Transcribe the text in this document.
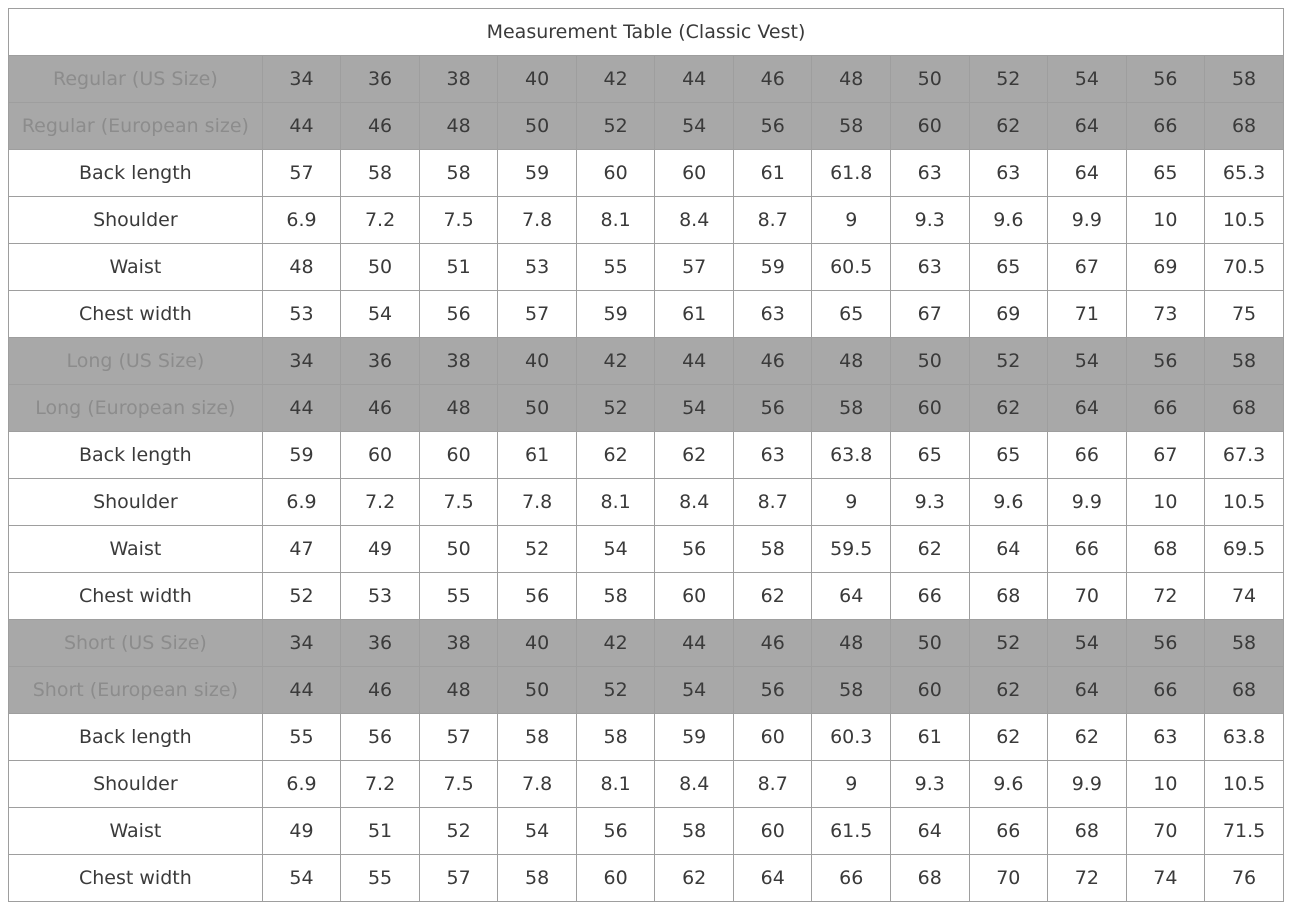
Measurement Table (Classic Vest)													
Regular (US Size)	34	36	38	40	42	44	46	48	50	52	54	56	58
Regular (European size)	44	46	48	50	52	54	56	58	60	62	64	66	68
Back length	57	58	58	59	60	60	61	61.8	63	63	64	65	65.3
Shoulder	6.9	7.2	7.5	7.8	8.1	8.4	8.7	9	9.3	9.6	9.9	10	10.5
Waist	48	50	51	53	55	57	59	60.5	63	65	67	69	70.5
Chest width	53	54	56	57	59	61	63	65	67	69	71	73	75
Long (US Size)	34	36	38	40	42	44	46	48	50	52	54	56	58
Long (European size)	44	46	48	50	52	54	56	58	60	62	64	66	68
Back length	59	60	60	61	62	62	63	63.8	65	65	66	67	67.3
Shoulder	6.9	7.2	7.5	7.8	8.1	8.4	8.7	9	9.3	9.6	9.9	10	10.5
Waist	47	49	50	52	54	56	58	59.5	62	64	66	68	69.5
Chest width	52	53	55	56	58	60	62	64	66	68	70	72	74
Short (US Size)	34	36	38	40	42	44	46	48	50	52	54	56	58
Short (European size)	44	46	48	50	52	54	56	58	60	62	64	66	68
Back length	55	56	57	58	58	59	60	60.3	61	62	62	63	63.8
Shoulder	6.9	7.2	7.5	7.8	8.1	8.4	8.7	9	9.3	9.6	9.9	10	10.5
Waist	49	51	52	54	56	58	60	61.5	64	66	68	70	71.5
Chest width	54	55	57	58	60	62	64	66	68	70	72	74	76
